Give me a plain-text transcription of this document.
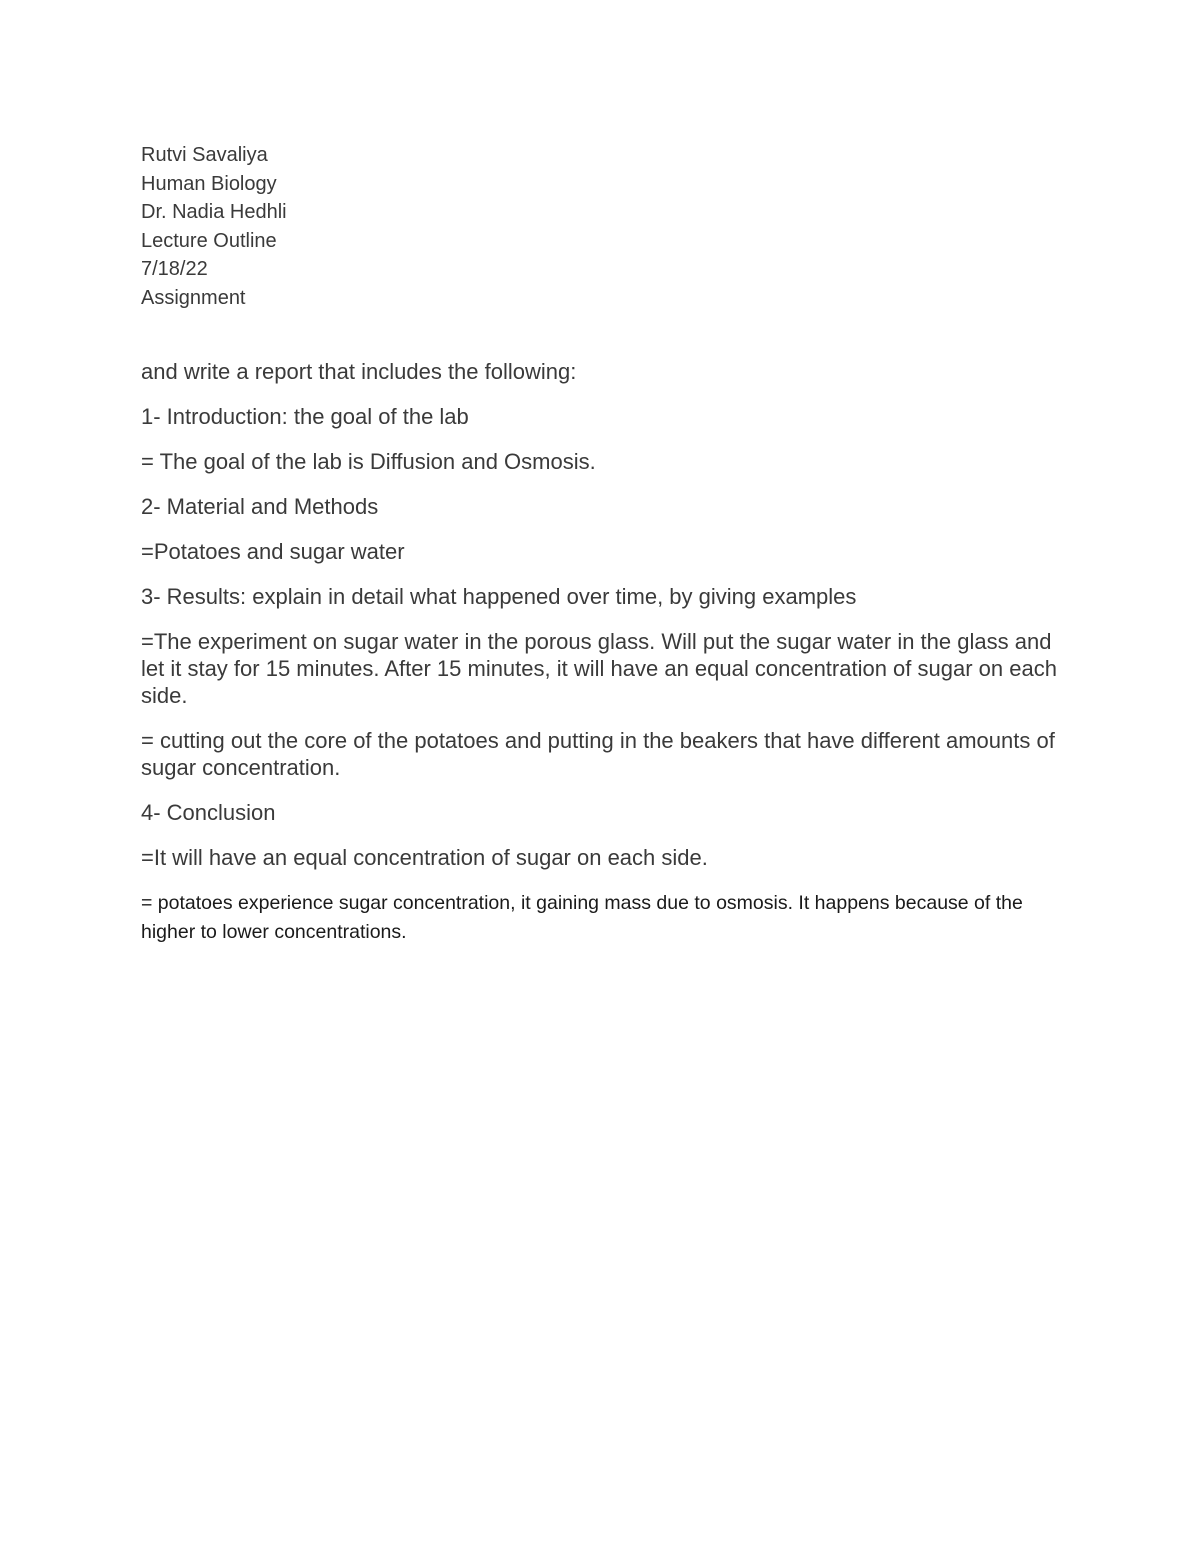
Rutvi Savaliya
Human Biology
Dr. Nadia Hedhli
Lecture Outline
7/18/22
Assignment

and write a report that includes the following:

1- Introduction: the goal of the lab

= The goal of the lab is Diffusion and Osmosis.

2- Material and Methods

=Potatoes and sugar water

3- Results: explain in detail what happened over time, by giving examples

=The experiment on sugar water in the porous glass. Will put the sugar water in the glass and let it stay for 15 minutes. After 15 minutes, it will have an equal concentration of sugar on each side.

= cutting out the core of the potatoes and putting in the beakers that have different amounts of sugar concentration.

4- Conclusion

=It will have an equal concentration of sugar on each side.

= potatoes experience sugar concentration, it gaining mass due to osmosis. It happens because of the higher to lower concentrations.
